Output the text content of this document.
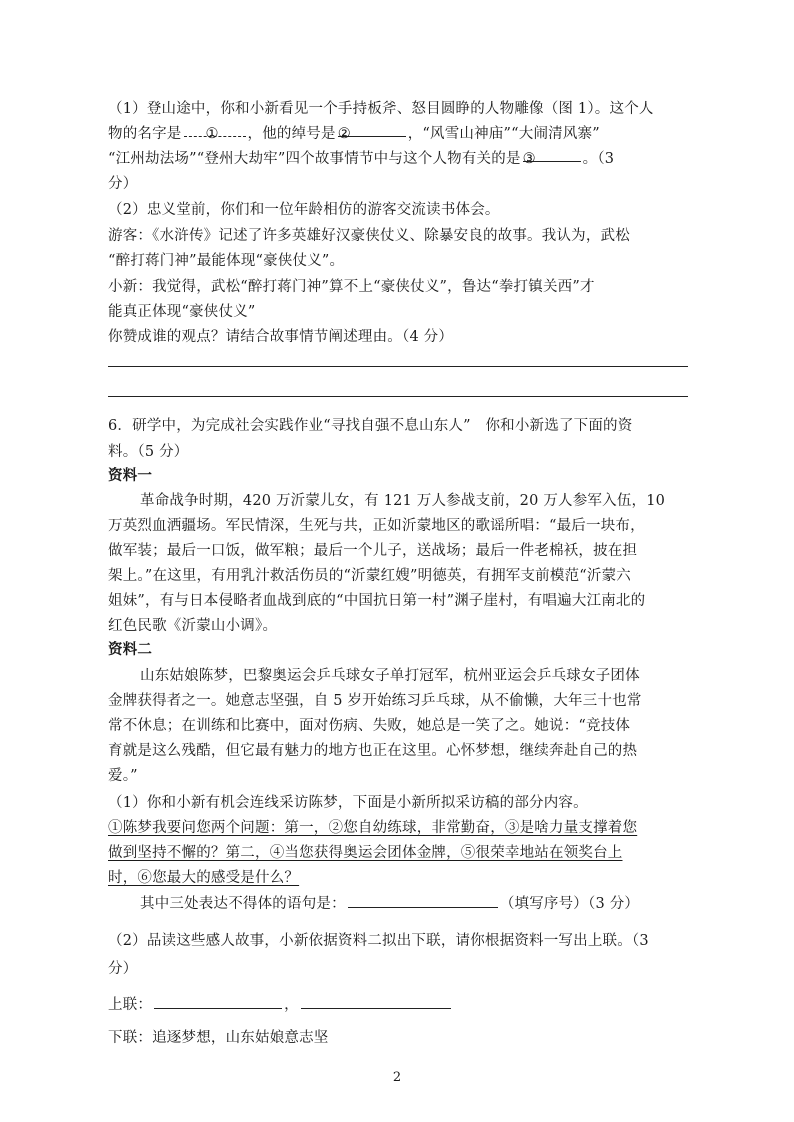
（1）登山途中，你和小新看见一个手持板斧、怒目圆睁的人物雕像（图 1）。这个人
物的名字是 ① ，他的绰号是 ②	，“风雪山神庙”“大闹清风寨”
“江州劫法场”“登州大劫牢”四个故事情节中与这个人物有关的是 ③	。（3
分）
（2）忠义堂前，你们和一位年龄相仿的游客交流读书体会。
游客：《水浒传》记述了许多英雄好汉豪侠仗义、除暴安良的故事。我认为，武松
“醉打蒋门神”最能体现“豪侠仗义”。
小新：我觉得，武松“醉打蒋门神”算不上“豪侠仗义”，鲁达“拳打镇关西”才
能真正体现“豪侠仗义”
你赞成谁的观点？请结合故事情节阐述理由。（4 分）
6．研学中，为完成社会实践作业“寻找自强不息山东人”　你和小新选了下面的资
料。（5 分）
资料一
革命战争时期，420 万沂蒙儿女，有 121 万人参战支前，20 万人参军入伍，10
万英烈血洒疆场。军民情深，生死与共，正如沂蒙地区的歌谣所唱：“最后一块布，
做军装；最后一口饭，做军粮；最后一个儿子，送战场；最后一件老棉袄，披在担
架上。”在这里，有用乳汁救活伤员的“沂蒙红嫂”明德英，有拥军支前模范“沂蒙六
姐妹”，有与日本侵略者血战到底的“中国抗日第一村”渊子崖村，有唱遍大江南北的
红色民歌《沂蒙山小调》。
资料二
山东姑娘陈梦，巴黎奥运会乒乓球女子单打冠军，杭州亚运会乒乓球女子团体
金牌获得者之一。她意志坚强，自 5 岁开始练习乒乓球，从不偷懒，大年三十也常
常不休息；在训练和比赛中，面对伤病、失败，她总是一笑了之。她说：“竞技体
育就是这么残酷，但它最有魅力的地方也正在这里。心怀梦想，继续奔赴自己的热
爱。”
（1）你和小新有机会连线采访陈梦，下面是小新所拟采访稿的部分内容。
①陈梦我要问您两个问题：第一，②您自幼练球，非常勤奋，③是啥力量支撑着您
做到坚持不懈的？第二，④当您获得奥运会团体金牌，⑤很荣幸地站在领奖台上
时，⑥您最大的感受是什么？
其中三处表达不得体的语句是：	（填写序号）（3 分）
（2）品读这些感人故事，小新依据资料二拟出下联，请你根据资料一写出上联。（3
分）
上联：	，
下联：追逐梦想，山东姑娘意志坚
2
